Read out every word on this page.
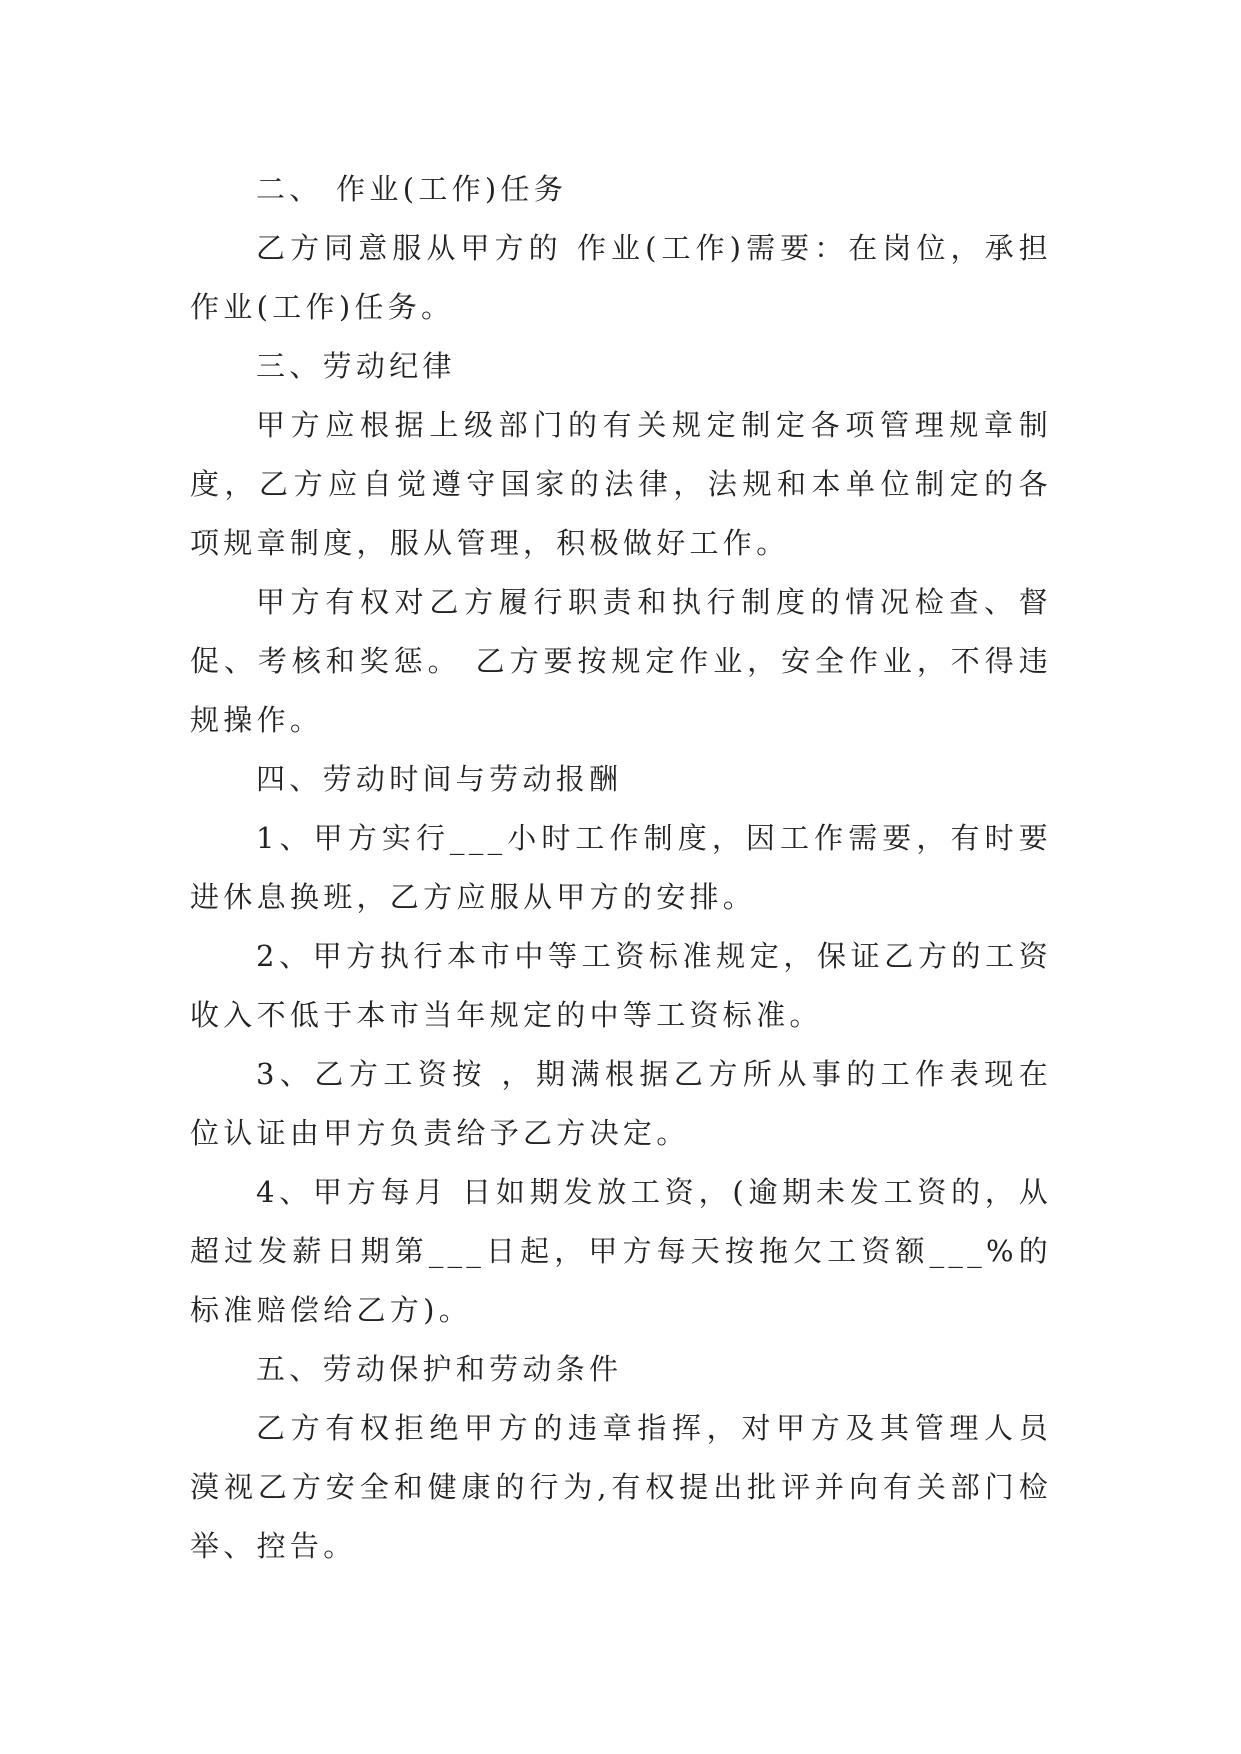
二、 作业(工作)任务

乙方同意服从甲方的 作业(工作)需要：在岗位，承担作业(工作)任务。

三、劳动纪律

甲方应根据上级部门的有关规定制定各项管理规章制度，乙方应自觉遵守国家的法律，法规和本单位制定的各项规章制度，服从管理，积极做好工作。

甲方有权对乙方履行职责和执行制度的情况检查、督促、考核和奖惩。 乙方要按规定作业，安全作业，不得违规操作。

四、劳动时间与劳动报酬

1、甲方实行___小时工作制度，因工作需要，有时要进休息换班，乙方应服从甲方的安排。

2、甲方执行本市中等工资标准规定，保证乙方的工资收入不低于本市当年规定的中等工资标准。

3、乙方工资按 ，期满根据乙方所从事的工作表现在位认证由甲方负责给予乙方决定。

4、甲方每月 日如期发放工资，(逾期未发工资的，从超过发薪日期第___日起，甲方每天按拖欠工资额___%的标准赔偿给乙方)。

五、劳动保护和劳动条件

乙方有权拒绝甲方的违章指挥，对甲方及其管理人员漠视乙方安全和健康的行为,有权提出批评并向有关部门检举、控告。
